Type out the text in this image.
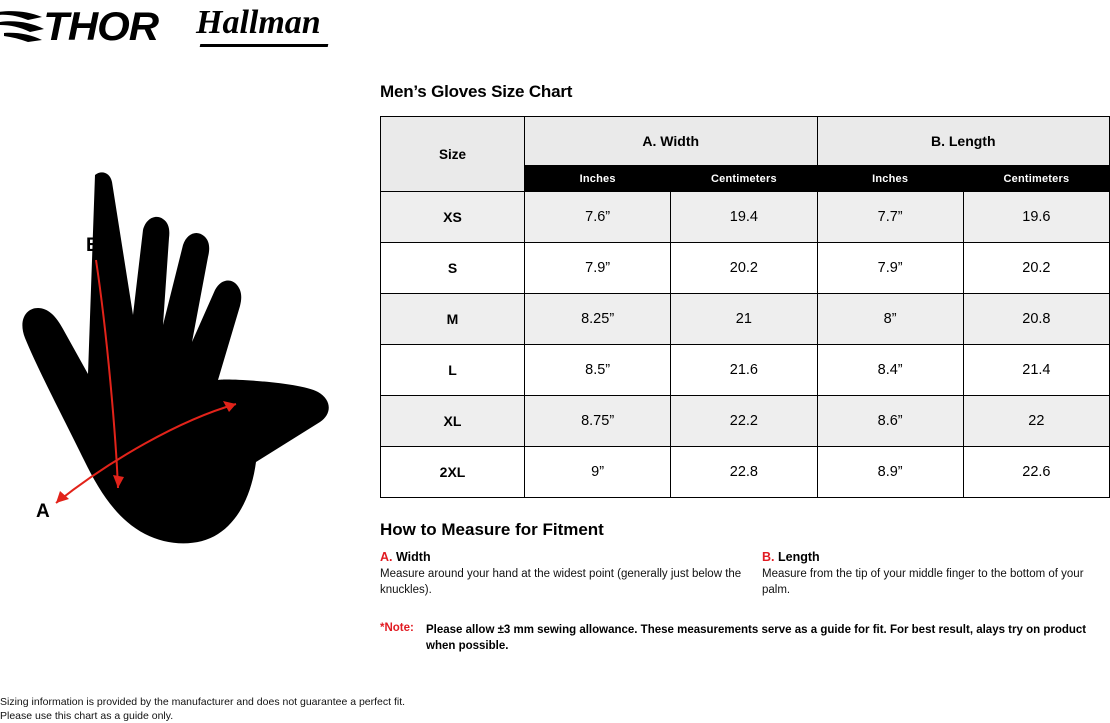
THOR Hallman
B
A
Men’s Gloves Size Chart
Size	A. Width		B. Length	
	Inches	Centimeters	Inches	Centimeters
XS	7.6”	19.4	7.7”	19.6
S	7.9”	20.2	7.9”	20.2
M	8.25”	21	8”	20.8
L	8.5”	21.6	8.4”	21.4
XL	8.75”	22.2	8.6”	22
2XL	9”	22.8	8.9”	22.6
How to Measure for Fitment
A. Width
Measure around your hand at the widest point (generally just below the knuckles).
B. Length
Measure from the tip of your middle finger to the bottom of your palm.
*Note:	Please allow ±3 mm sewing allowance. These measurements serve as a guide for fit. For best result, alays try on product when possible.
Sizing information is provided by the manufacturer and does not guarantee a perfect fit.
Please use this chart as a guide only.
